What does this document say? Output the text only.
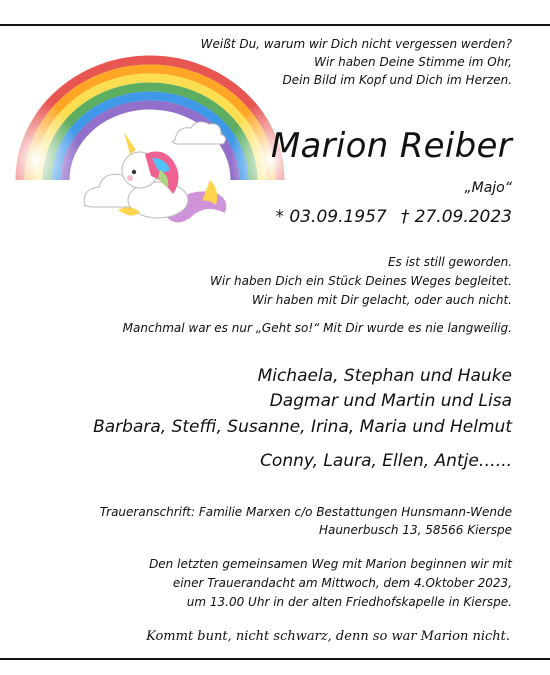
Weißt Du, warum wir Dich nicht vergessen werden?

Wir haben Deine Stimme im Ohr,

Dein Bild im Kopf und Dich im Herzen.

Marion Reiber
„Majo“
* 03.09.1957 † 27.09.2023

Es ist still geworden.

Wir haben Dich ein Stück Deines Weges begleitet.

Wir haben mit Dir gelacht, oder auch nicht.

Manchmal war es nur „Geht so!“ Mit Dir wurde es nie langweilig.

Michaela, Stephan und Hauke
Dagmar und Martin und Lisa
Barbara, Steffi, Susanne, Irina, Maria und Helmut
Conny, Laura, Ellen, Antje…...

Traueranschrift: Familie Marxen c/o Bestattungen Hunsmann-Wende

Haunerbusch 13, 58566 Kierspe

Den letzten gemeinsamen Weg mit Marion beginnen wir mit

einer Trauerandacht am Mittwoch, dem 4.Oktober 2023,

um 13.00 Uhr in der alten Friedhofskapelle in Kierspe.

Kommt bunt, nicht schwarz, denn so war Marion nicht.
